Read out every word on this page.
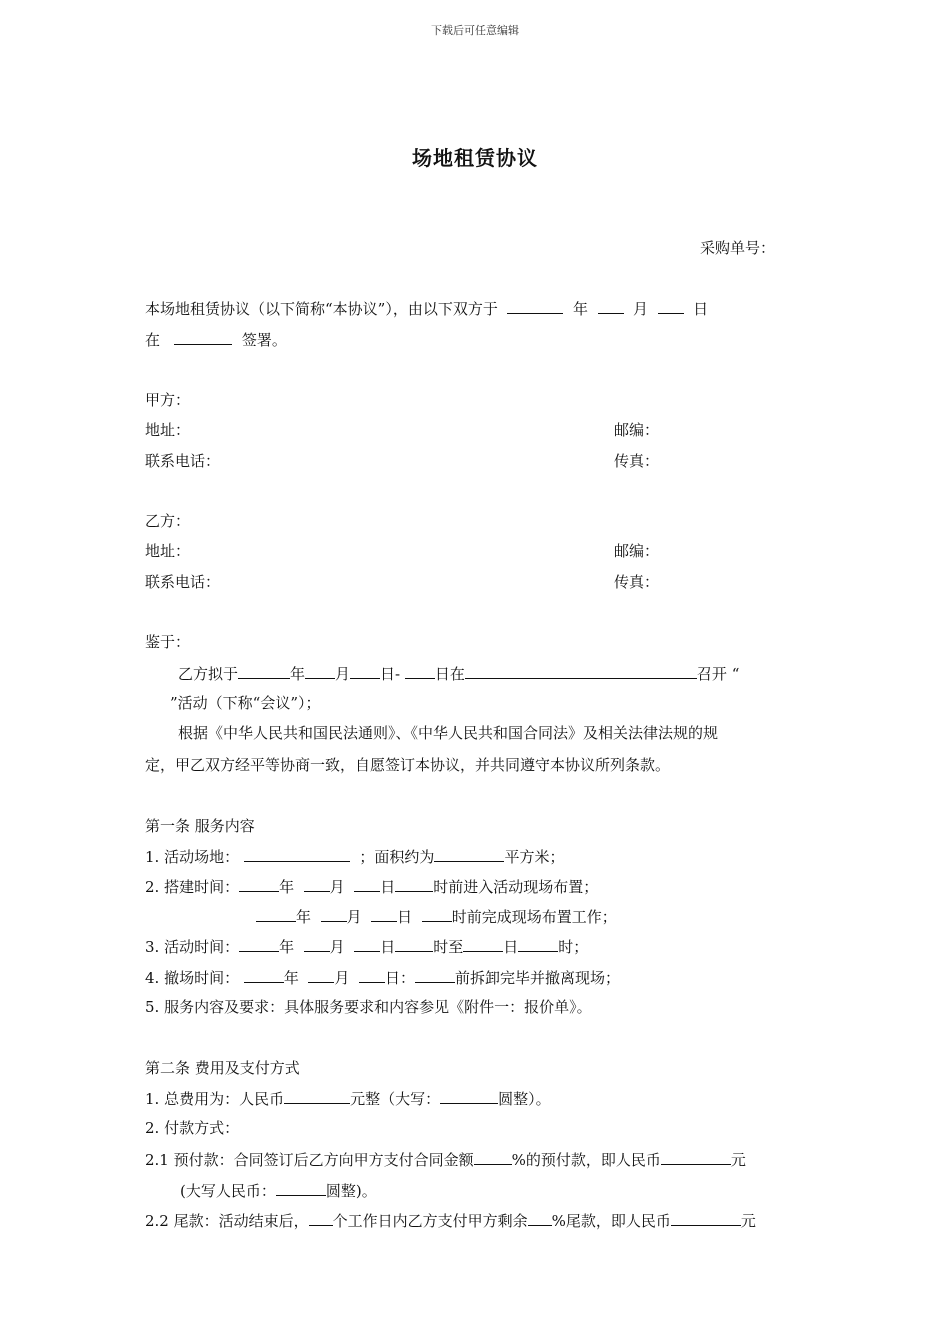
下载后可任意编辑
场地租赁协议
采购单号：
本场地租赁协议（以下简称“本协议”），由以下双方于	年	月	日
在	签署。
甲方：
地址：	邮编：
联系电话：	传真：
乙方：
地址：	邮编：
联系电话：	传真：
鉴于：
乙方拟于	年 月 日- 日在	召开 “
”活动（下称“会议”）；
根据《中华人民共和国民法通则》、《中华人民共和国合同法》及相关法律法规的规
定，甲乙双方经平等协商一致，自愿签订本协议，并共同遵守本协议所列条款。
第一条 服务内容
1. 活动场地：	；面积约为	平方米；
2. 搭建时间：	年 月 日	时前进入活动现场布置；
年 月 日	时前完成现场布置工作；
3. 活动时间：	年 月 日	时至	日	时；
4. 撤场时间：	年 月 日：	前拆卸完毕并撤离现场；
5. 服务内容及要求：具体服务要求和内容参见《附件一：报价单》。
第二条 费用及支付方式
1. 总费用为：人民币	元整（大写：	圆整）。
2. 付款方式：
2.1 预付款：合同签订后乙方向甲方支付合同金额	%的预付款，即人民币	元
(大写人民币：	圆整)。
2.2 尾款：活动结束后， 个工作日内乙方支付甲方剩余 %尾款，即人民币	元
